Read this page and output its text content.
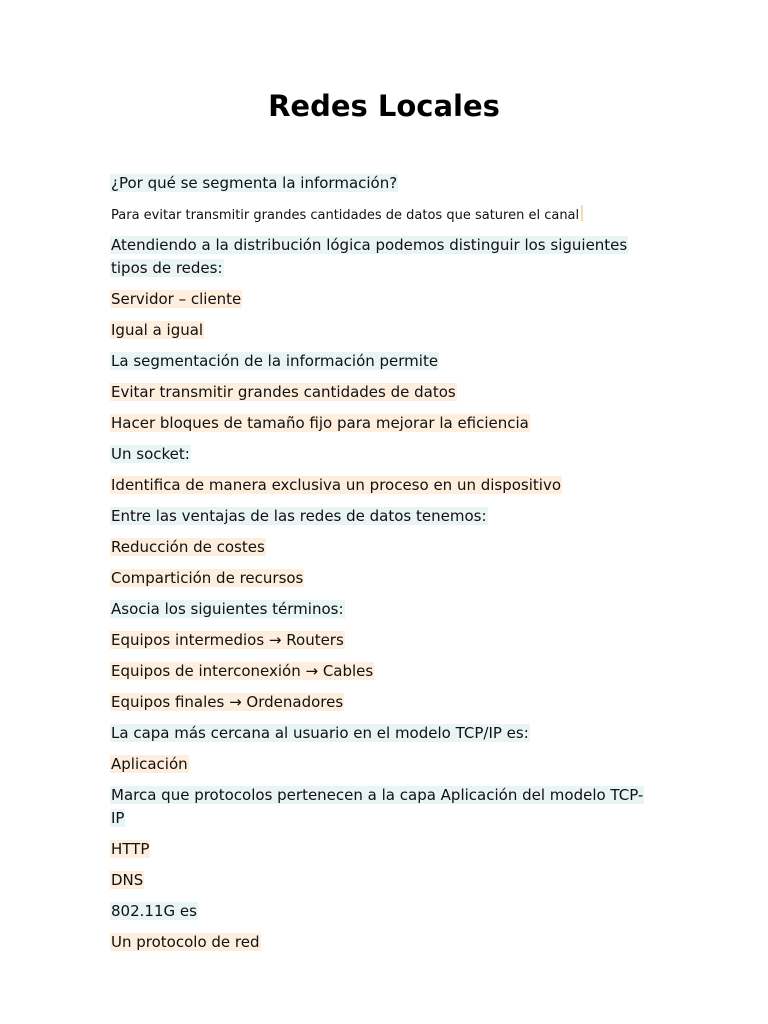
Redes Locales
¿Por qué se segmenta la información?
Para evitar transmitir grandes cantidades de datos que saturen el canal
Atendiendo a la distribución lógica podemos distinguir los siguientes tipos de redes:
Servidor – cliente
Igual a igual
La segmentación de la información permite
Evitar transmitir grandes cantidades de datos
Hacer bloques de tamaño fijo para mejorar la eficiencia
Un socket:
Identifica de manera exclusiva un proceso en un dispositivo
Entre las ventajas de las redes de datos tenemos:
Reducción de costes
Compartición de recursos
Asocia los siguientes términos:
Equipos intermedios → Routers
Equipos de interconexión → Cables
Equipos finales → Ordenadores
La capa más cercana al usuario en el modelo TCP/IP es:
Aplicación
Marca que protocolos pertenecen a la capa Aplicación del modelo TCP-IP
HTTP
DNS
802.11G es
Un protocolo de red
